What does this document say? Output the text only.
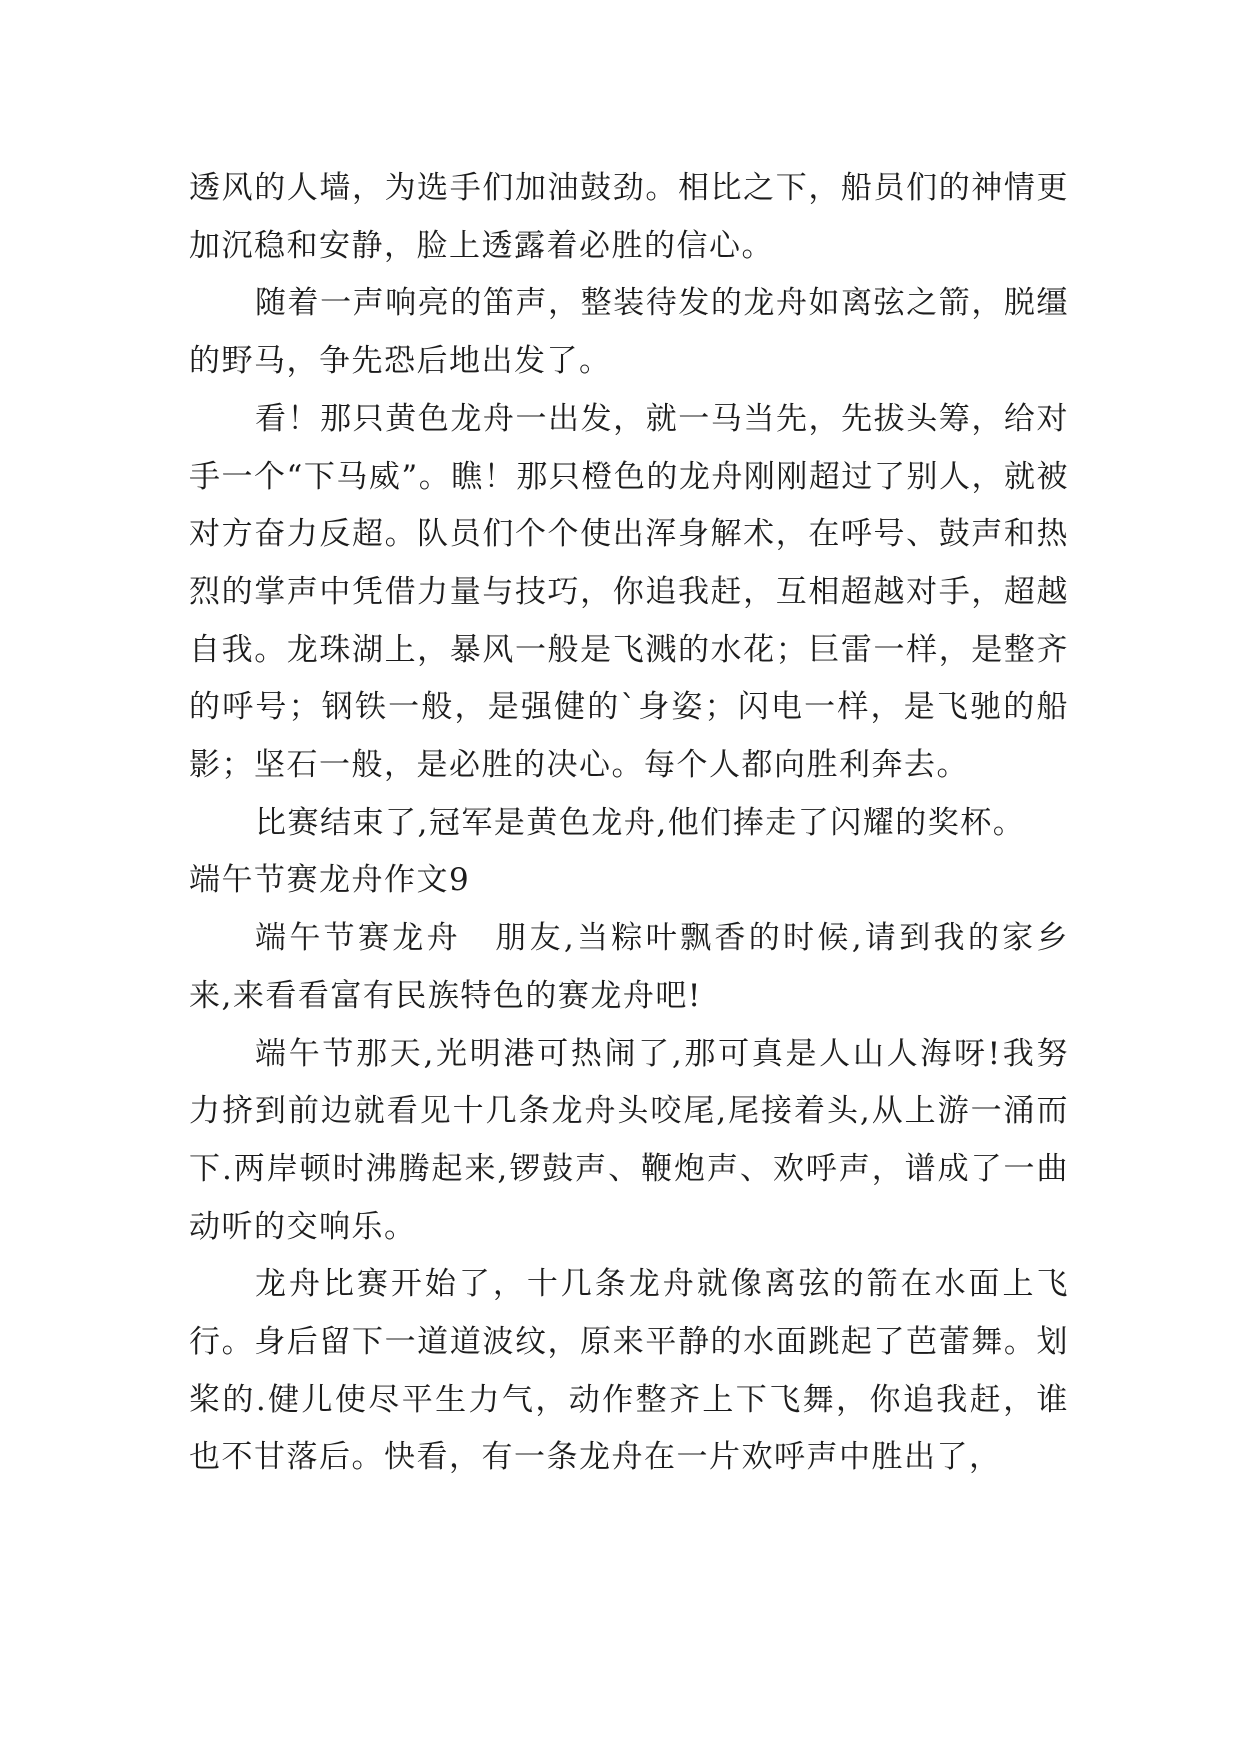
透风的人墙，为选手们加油鼓劲。相比之下，船员们的神情更加沉稳和安静，脸上透露着必胜的信心。

随着一声响亮的笛声，整装待发的龙舟如离弦之箭，脱缰的野马，争先恐后地出发了。

看！那只黄色龙舟一出发，就一马当先，先拔头筹，给对手一个“下马威”。瞧！那只橙色的龙舟刚刚超过了别人，就被对方奋力反超。队员们个个使出浑身解术，在呼号、鼓声和热烈的掌声中凭借力量与技巧，你追我赶，互相超越对手，超越自我。龙珠湖上，暴风一般是飞溅的水花；巨雷一样，是整齐的呼号；钢铁一般，是强健的`身姿；闪电一样，是飞驰的船影；坚石一般，是必胜的决心。每个人都向胜利奔去。

比赛结束了,冠军是黄色龙舟,他们捧走了闪耀的奖杯。

端午节赛龙舟作文9

端午节赛龙舟　朋友,当粽叶飘香的时候,请到我的家乡来,来看看富有民族特色的赛龙舟吧!

端午节那天,光明港可热闹了,那可真是人山人海呀!我努力挤到前边就看见十几条龙舟头咬尾,尾接着头,从上游一涌而下.两岸顿时沸腾起来,锣鼓声、鞭炮声、欢呼声，谱成了一曲动听的交响乐。

龙舟比赛开始了，十几条龙舟就像离弦的箭在水面上飞行。身后留下一道道波纹，原来平静的水面跳起了芭蕾舞。划桨的.健儿使尽平生力气，动作整齐上下飞舞，你追我赶，谁也不甘落后。快看，有一条龙舟在一片欢呼声中胜出了，
